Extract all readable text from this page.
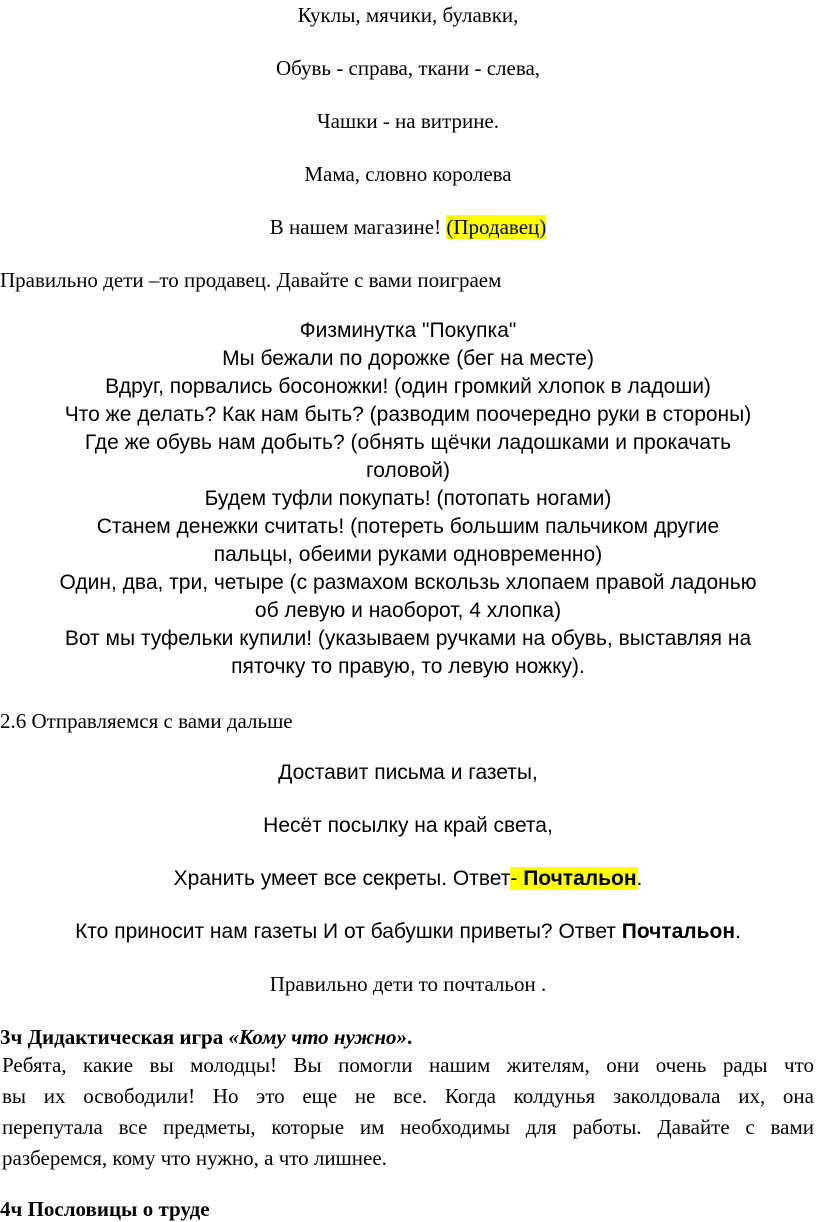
Куклы, мячики, булавки,
Обувь - справа, ткани - слева,
Чашки - на витрине.
Мама, словно королева
В нашем магазине! (Продавец)
Правильно дети –то продавец. Давайте с вами поиграем
Физминутка "Покупка"
Мы бежали по дорожке (бег на месте)
Вдруг, порвались босоножки! (один громкий хлопок в ладоши)
Что же делать? Как нам быть? (разводим поочередно руки в стороны)
Где же обувь нам добыть? (обнять щёчки ладошками и прокачать
головой)
Будем туфли покупать! (потопать ногами)
Станем денежки считать! (потереть большим пальчиком другие
пальцы, обеими руками одновременно)
Один, два, три, четыре (с размахом вскользь хлопаем правой ладонью
об левую и наоборот, 4 хлопка)
Вот мы туфельки купили! (указываем ручками на обувь, выставляя на
пяточку то правую, то левую ножку).
2.6 Отправляемся с вами дальше
Доставит письма и газеты,
Несёт посылку на край света,
Хранить умеет все секреты. Ответ- Почтальон.
Кто приносит нам газеты И от бабушки приветы? Ответ Почтальон.
Правильно дети то почтальон .
3ч Дидактическая игра «Кому что нужно».
Ребята, какие вы молодцы! Вы помогли нашим жителям, они очень рады что
вы их освободили! Но это еще не все. Когда колдунья заколдовала их, она
перепутала все предметы, которые им необходимы для работы. Давайте с вами
разберемся, кому что нужно, а что лишнее.
4ч Пословицы о труде
